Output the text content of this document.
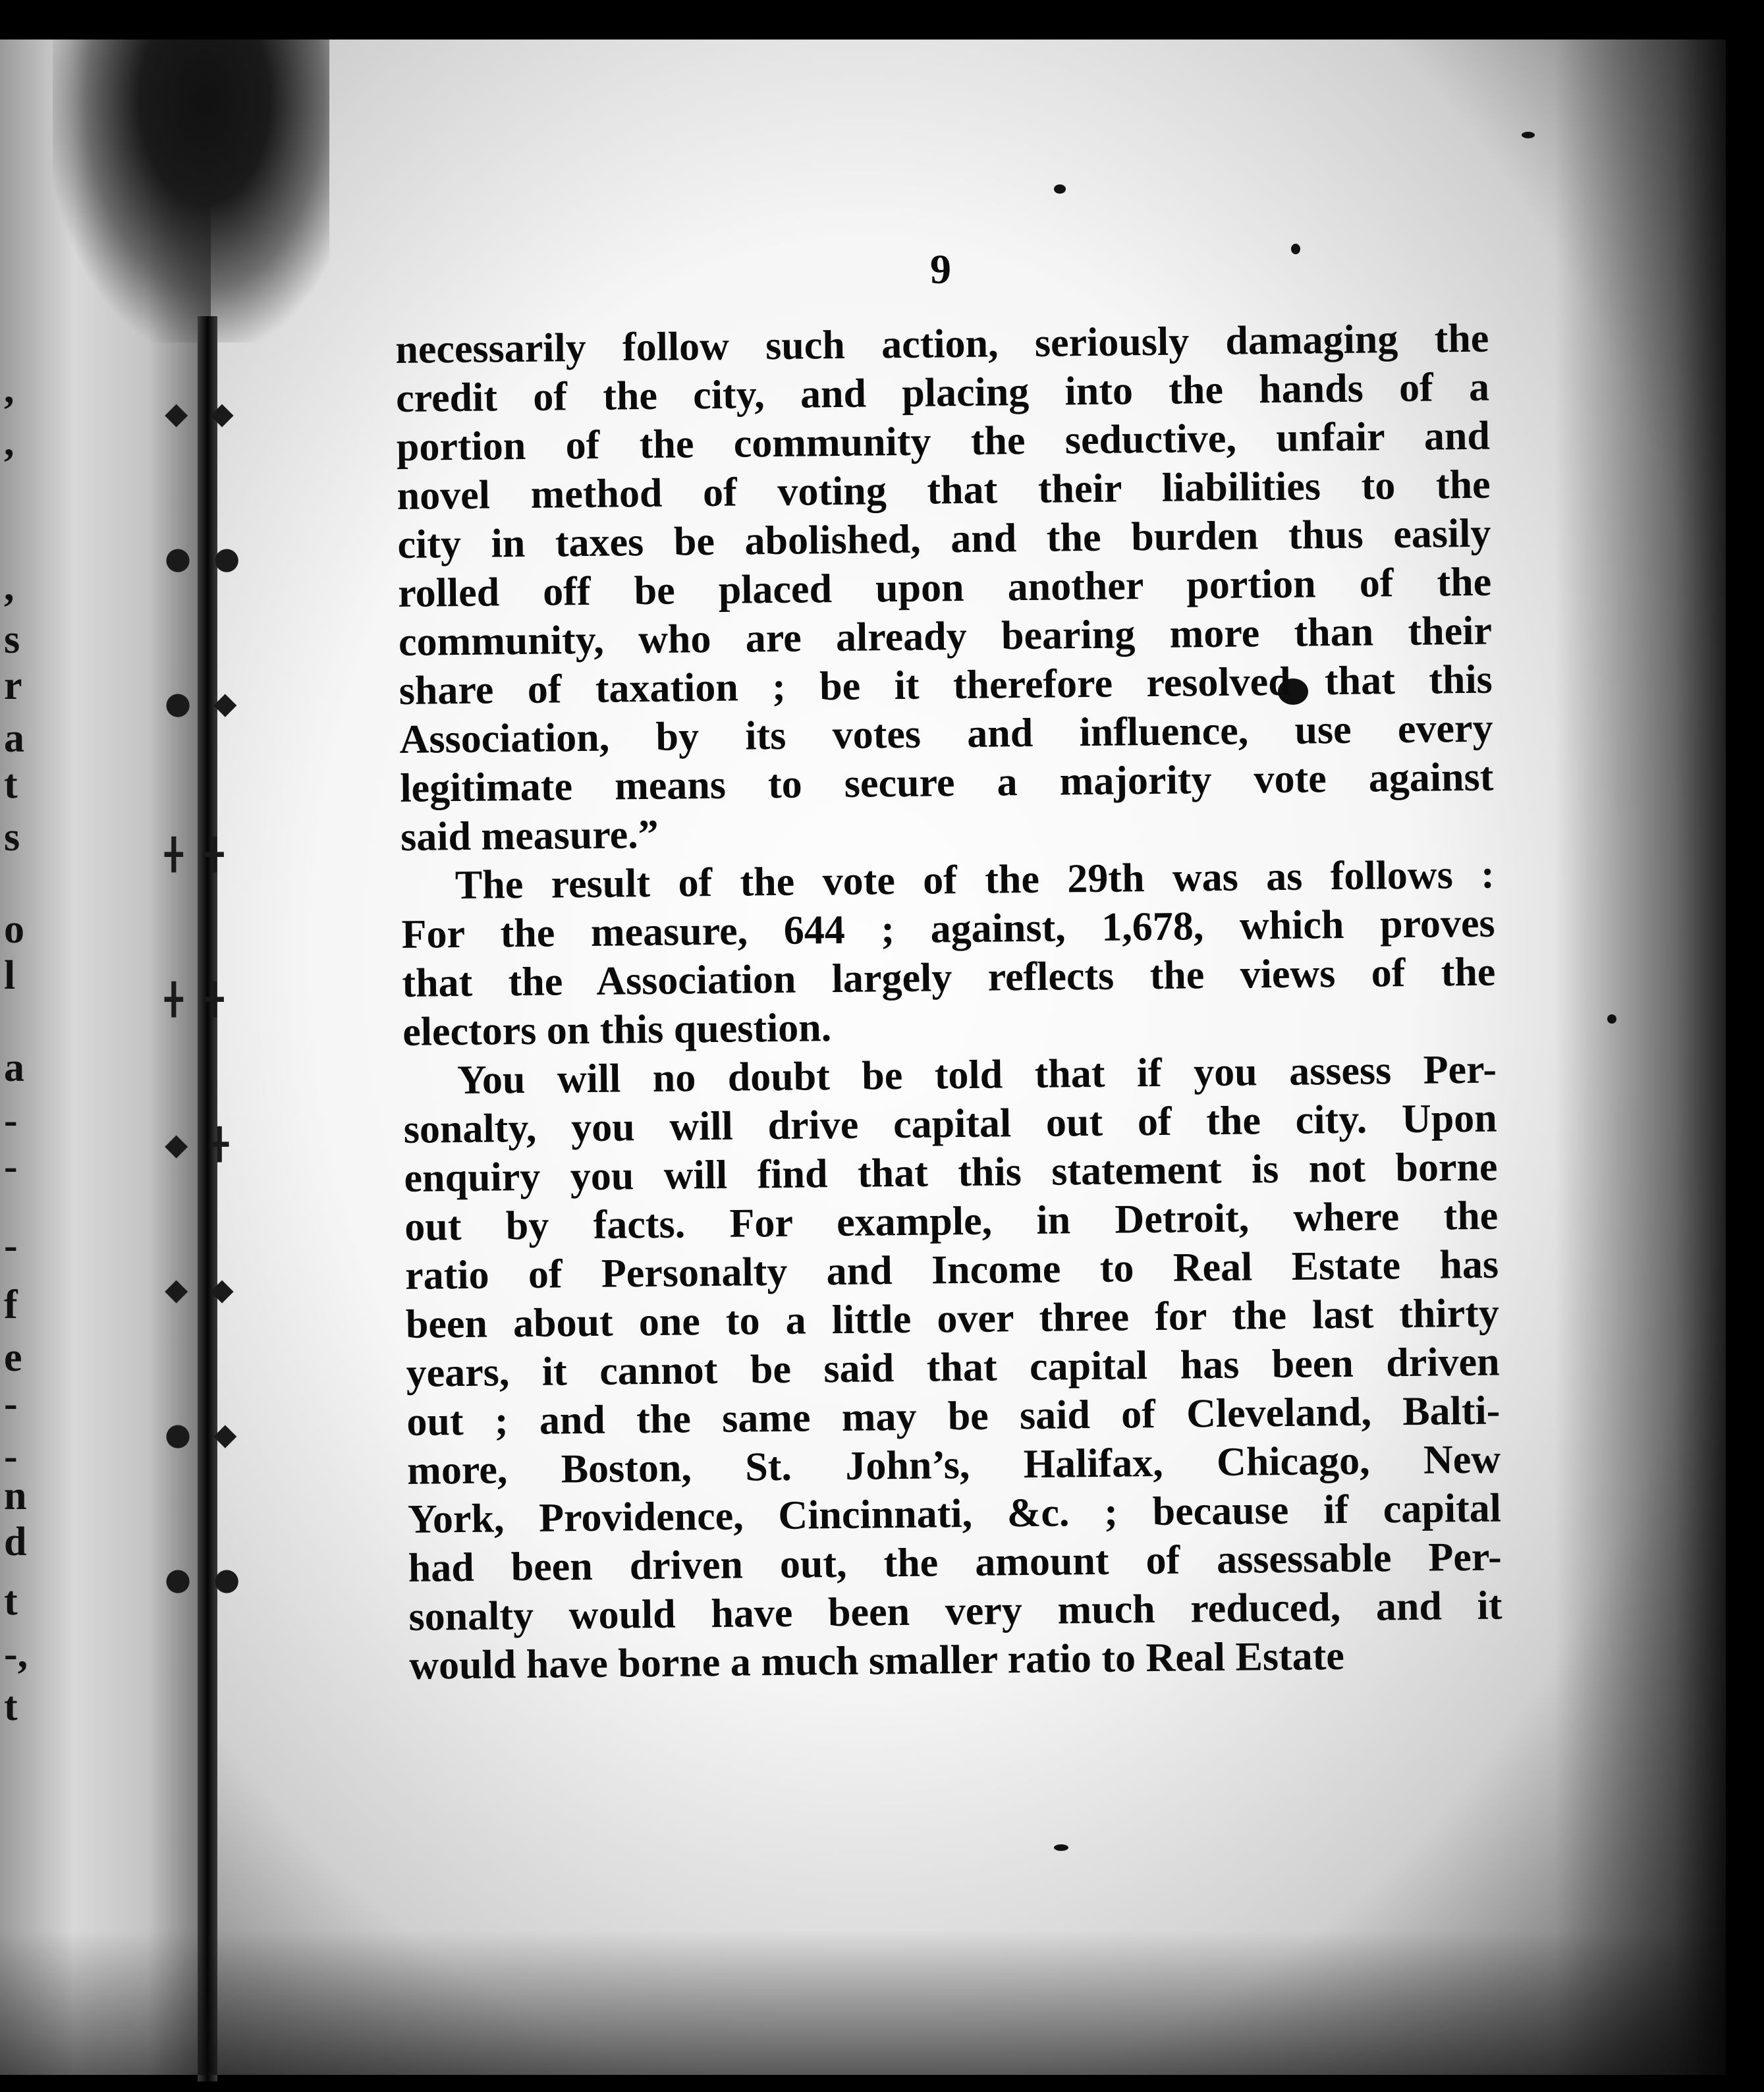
,
,
,
s
r
a
t
s
o
l
a
-
-
-
f
e
-
-
n
d
t
-,
t
◆◆
●●
●◆
╋╋
╋╋
◆╋
◆◆
●◆
●●
9
necessarily follow such action, seriously damaging the
credit of the city, and placing into the hands of a
portion of the community the seductive, unfair and
novel method of voting that their liabilities to the
city in taxes be abolished, and the burden thus easily
rolled off be placed upon another portion of the
community, who are already bearing more than their
share of taxation ; be it therefore resolved that this
Association, by its votes and influence, use every
legitimate means to secure a majority vote against
said measure.”
The result of the vote of the 29th was as follows :
For the measure, 644 ; against, 1,678, which proves
that the Association largely reflects the views of the
electors on this question.
You will no doubt be told that if you assess Per-
sonalty, you will drive capital out of the city. Upon
enquiry you will find that this statement is not borne
out by facts. For example, in Detroit, where the
ratio of Personalty and Income to Real Estate has
been about one to a little over three for the last thirty
years, it cannot be said that capital has been driven
out ; and the same may be said of Cleveland, Balti-
more, Boston, St. John’s, Halifax, Chicago, New
York, Providence, Cincinnati, &c. ; because if capital
had been driven out, the amount of assessable Per-
sonalty would have been very much reduced, and it
would have borne a much smaller ratio to Real Estate
